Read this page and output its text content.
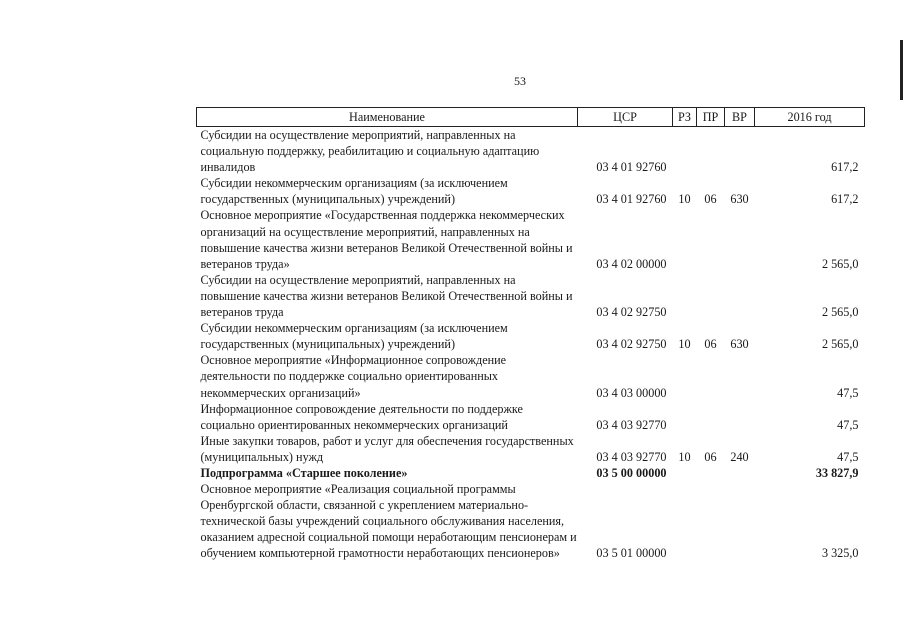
53
Наименование	ЦСР	РЗ	ПР	ВР	2016 год
Субсидии на осуществление мероприятий, направленных на социальную поддержку, реабилитацию и социальную адаптацию инвалидов	03 4 01 92760				617,2
Субсидии некоммерческим организациям (за исключением государственных (муниципальных) учреждений)	03 4 01 92760	10	06	630	617,2
Основное мероприятие «Государственная поддержка некоммерческих организаций на осуществление мероприятий, направленных на повышение качества жизни ветеранов Великой Отечественной войны и ветеранов труда»	03 4 02 00000				2 565,0
Субсидии на осуществление мероприятий, направленных на повышение качества жизни ветеранов Великой Отечественной войны и ветеранов труда	03 4 02 92750				2 565,0
Субсидии некоммерческим организациям (за исключением государственных (муниципальных) учреждений)	03 4 02 92750	10	06	630	2 565,0
Основное мероприятие «Информационное сопровождение деятельности по поддержке социально ориентированных некоммерческих организаций»	03 4 03 00000				47,5
Информационное сопровождение деятельности по поддержке социально ориентированных некоммерческих организаций	03 4 03 92770				47,5
Иные закупки товаров, работ и услуг для обеспечения государственных (муниципальных) нужд	03 4 03 92770	10	06	240	47,5
Подпрограмма «Старшее поколение»	03 5 00 00000				33 827,9
Основное мероприятие «Реализация социальной программы Оренбургской области, связанной с укреплением материально-технической базы учреждений социального обслуживания населения, оказанием адресной социальной помощи неработающим пенсионерам и обучением компьютерной грамотности неработающих пенсионеров»	03 5 01 00000				3 325,0
